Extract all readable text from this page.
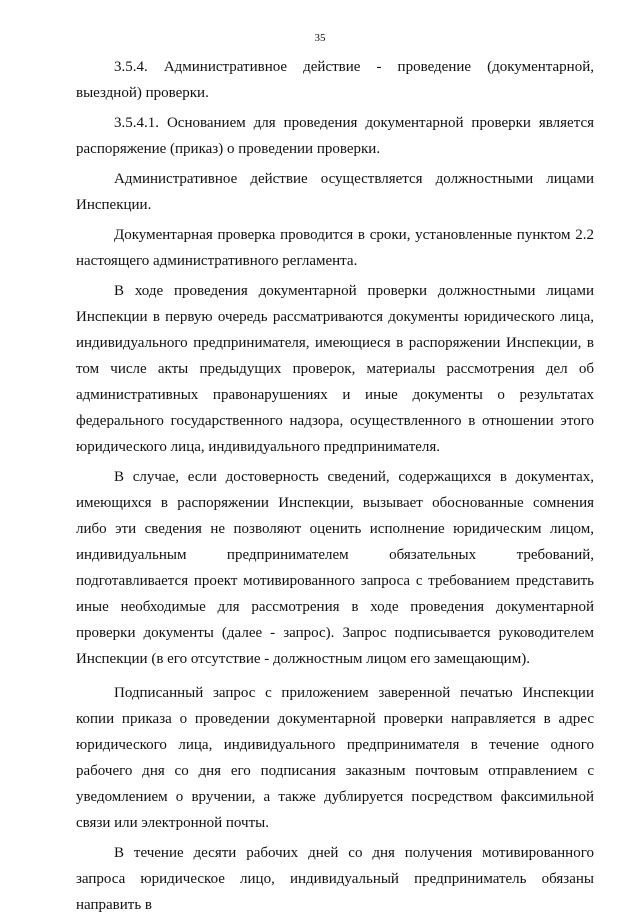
35

3.5.4. Административное действие - проведение (документарной, выездной) проверки.

3.5.4.1. Основанием для проведения документарной проверки является распоряжение (приказ) о проведении проверки.

Административное действие осуществляется должностными лицами Инспекции.

Документарная проверка проводится в сроки, установленные пунктом 2.2 настоящего административного регламента.

В ходе проведения документарной проверки должностными лицами Инспекции в первую очередь рассматриваются документы юридического лица, индивидуального предпринимателя, имеющиеся в распоряжении Инспекции, в том числе акты предыдущих проверок, материалы рассмотрения дел об административных правонарушениях и иные документы о результатах федерального государственного надзора, осуществленного в отношении этого юридического лица, индивидуального предпринимателя.

В случае, если достоверность сведений, содержащихся в документах, имеющихся в распоряжении Инспекции, вызывает обоснованные сомнения либо эти сведения не позволяют оценить исполнение юридическим лицом, индивидуальным предпринимателем обязательных требований, подготавливается проект мотивированного запроса с требованием представить иные необходимые для рассмотрения в ходе проведения документарной проверки документы (далее - запрос). Запрос подписывается руководителем Инспекции (в его отсутствие - должностным лицом его замещающим).

Подписанный запрос с приложением заверенной печатью Инспекции копии приказа о проведении документарной проверки направляется в адрес юридического лица, индивидуального предпринимателя в течение одного рабочего дня со дня его подписания заказным почтовым отправлением с уведомлением о вручении, а также дублируется посредством факсимильной связи или электронной почты.

В течение десяти рабочих дней со дня получения мотивированного запроса юридическое лицо, индивидуальный предприниматель обязаны направить в
